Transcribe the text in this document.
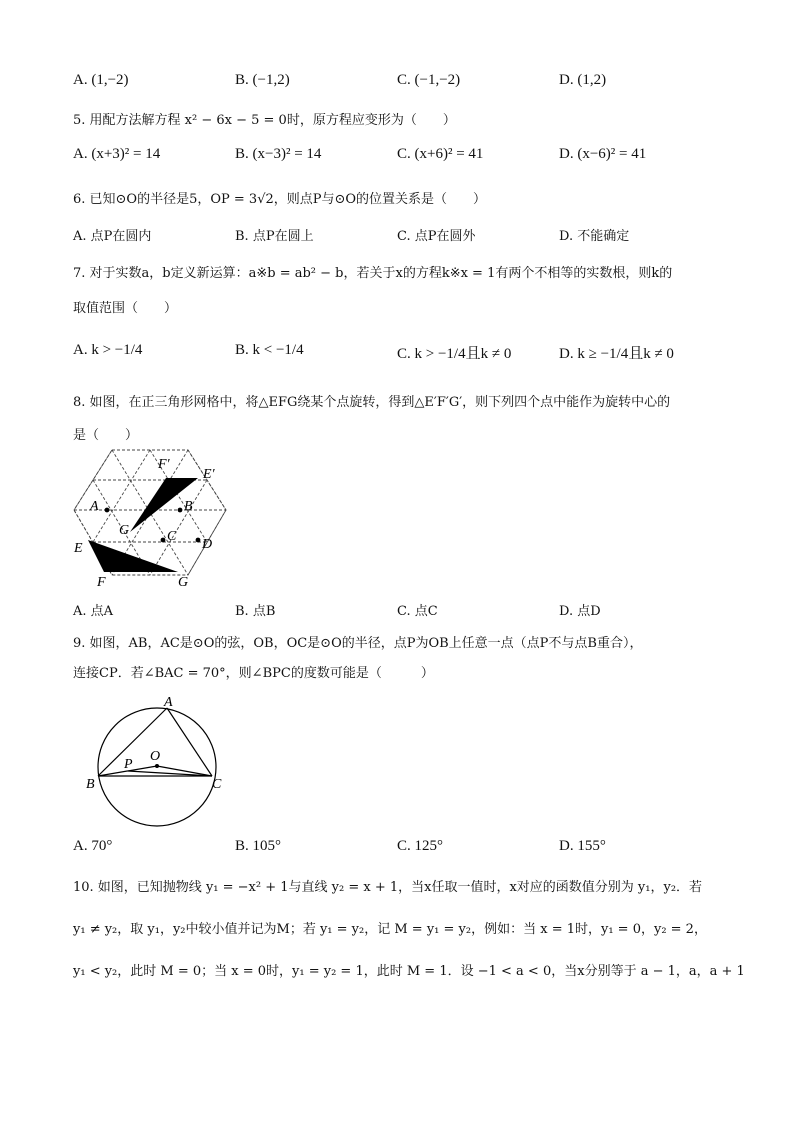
A. (1,−2)	B. (−1,2)	C. (−1,−2)	D. (1,2)
5. 用配方法解方程 x² − 6x − 5 = 0时，原方程应变形为（　　）
A. (x+3)² = 14	B. (x−3)² = 14	C. (x+6)² = 41	D. (x−6)² = 41
6. 已知⊙O的半径是5，OP = 3√2，则点P与⊙O的位置关系是（　　）
A. 点P在圆内	B. 点P在圆上	C. 点P在圆外	D. 不能确定
7. 对于实数a，b定义新运算：a※b = ab² − b，若关于x的方程k※x = 1有两个不相等的实数根，则k的
取值范围（　　）
A. k > −1/4	B. k < −1/4	C. k > −1/4且k ≠ 0	D. k ≥ −1/4且k ≠ 0
8. 如图，在正三角形网格中，将△EFG绕某个点旋转，得到△E′F′G′，则下列四个点中能作为旋转中心的
是（　　）
F′
E′
A	B
G	C
D
E
F	G
A. 点A	B. 点B	C. 点C	D. 点D
9. 如图，AB，AC是⊙O的弦，OB，OC是⊙O的半径，点P为OB上任意一点（点P不与点B重合），
连接CP．若∠BAC = 70°，则∠BPC的度数可能是（　　　）
A
O
P
B	C
A. 70°	B. 105°	C. 125°	D. 155°
10. 如图，已知抛物线 y₁ = −x² + 1与直线 y₂ = x + 1，当x任取一值时，x对应的函数值分别为 y₁，y₂．若
y₁ ≠ y₂，取 y₁，y₂中较小值并记为M；若 y₁ = y₂，记 M = y₁ = y₂，例如：当 x = 1时，y₁ = 0，y₂ = 2，
y₁ < y₂，此时 M = 0；当 x = 0时，y₁ = y₂ = 1，此时 M = 1．设 −1 < a < 0，当x分别等于 a − 1，a，a + 1
